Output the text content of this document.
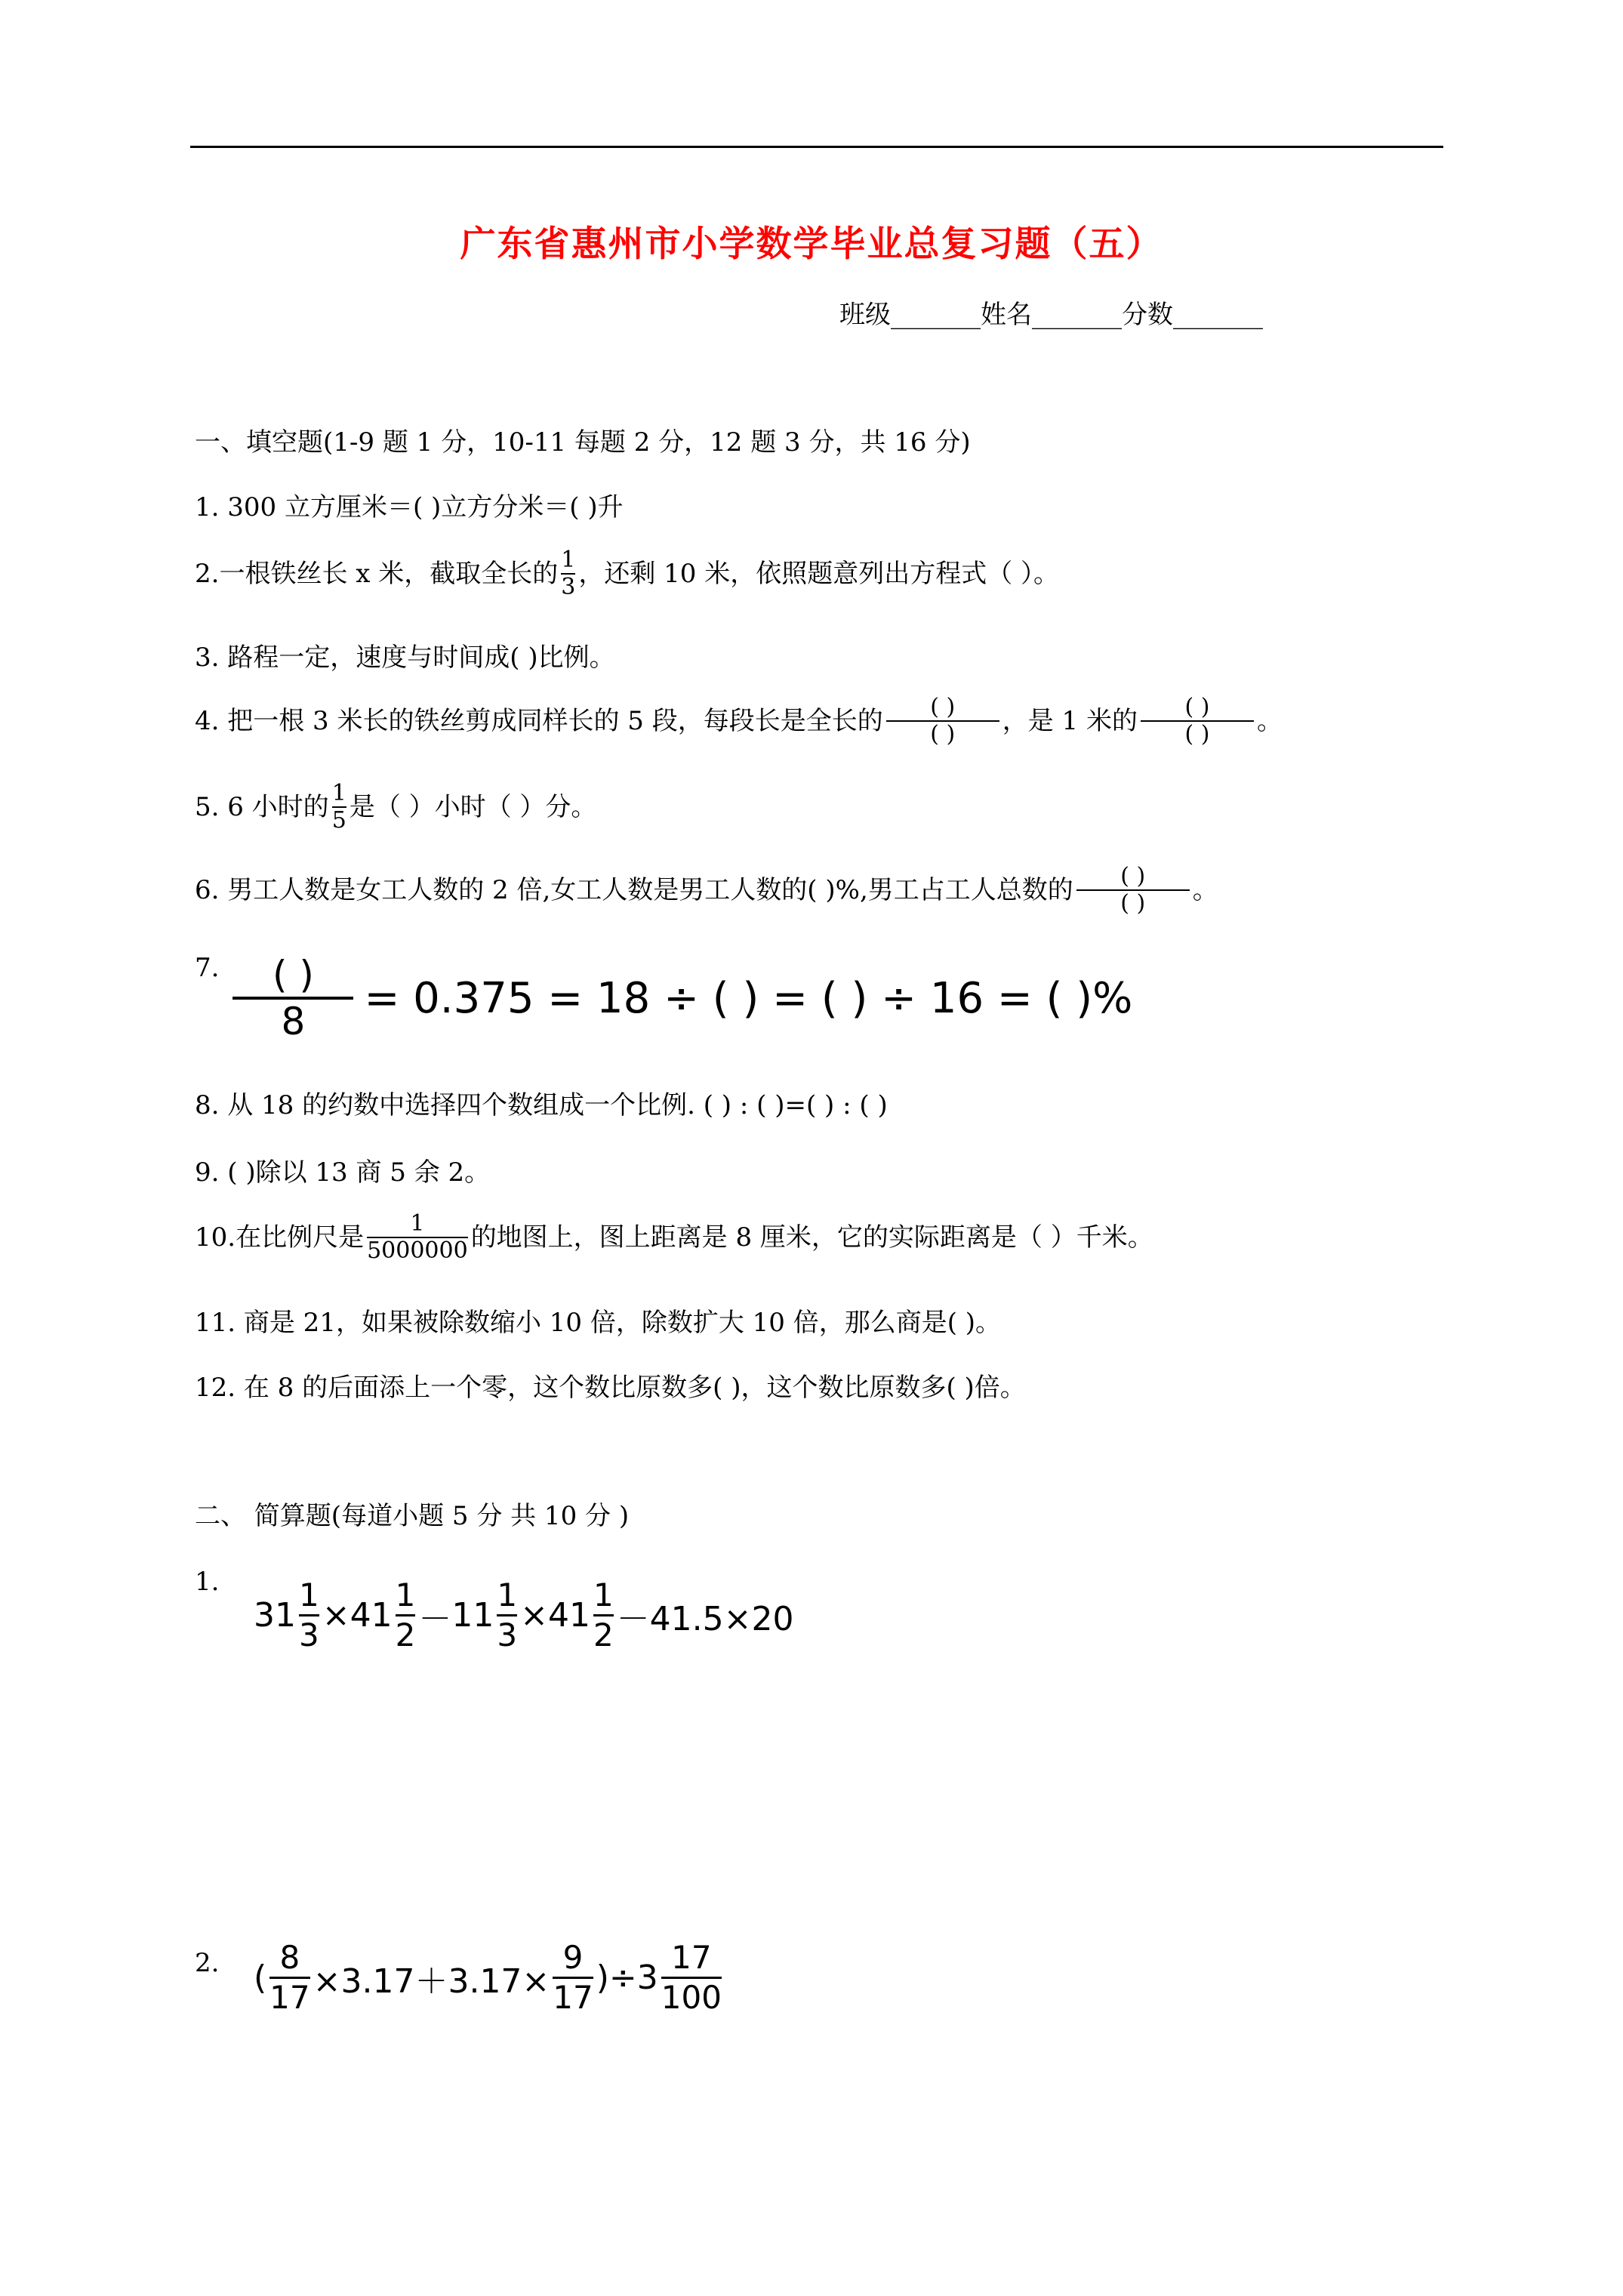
广东省惠州市小学数学毕业总复习题（五）
班级_______姓名_______分数_______
一、填空题(1-9 题 1 分，10-11 每题 2 分，12 题 3 分，共 16 分)
1. 300 立方厘米＝( )立方分米＝( )升
2.一根铁丝长 x 米，截取全长的 $\frac{1}{3}$ ，还剩 10 米，依照题意列出方程式（ ）。
3. 路程一定，速度与时间成( )比例。
4. 把一根 3 米长的铁丝剪成同样长的 5 段，每段长是全长的 $\frac{( )}{( )}$ ，是 1 米的 $\frac{( )}{( )}$ 。
5. 6 小时的 $\frac{1}{5}$ 是（ ）小时（ ）分。
6. 男工人数是女工人数的 2 倍,女工人数是男工人数的( )%,男工占工人总数的 $\frac{( )}{( )}$ 。
7. $\frac{( )}{8} = 0.375 = 18$ ÷ ( ) = ( ) ÷ 16 = ( )%
8. 从 18 的约数中选择四个数组成一个比例. ( ) : ( )=( ) : ( )
9. ( )除以 13 商 5 余 2。
10.在比例尺是 $\frac{1}{5000000}$ 的地图上，图上距离是 8 厘米，它的实际距离是（ ）千米。
11. 商是 21，如果被除数缩小 10 倍，除数扩大 10 倍，那么商是( )。
12. 在 8 的后面添上一个零，这个数比原数多( )，这个数比原数多( )倍。
二、 简算题(每道小题 5 分 共 10 分 )
1.
$31 \frac{1}{3} \times 41 \frac{1}{2} - 11 \frac{1}{3} \times 41 \frac{1}{2} -41.5\times 20$
2. ( $\frac{8}{17} \times 3.17+3.17\times \frac{9}{17} )\div 3 \frac{17}{100}$
